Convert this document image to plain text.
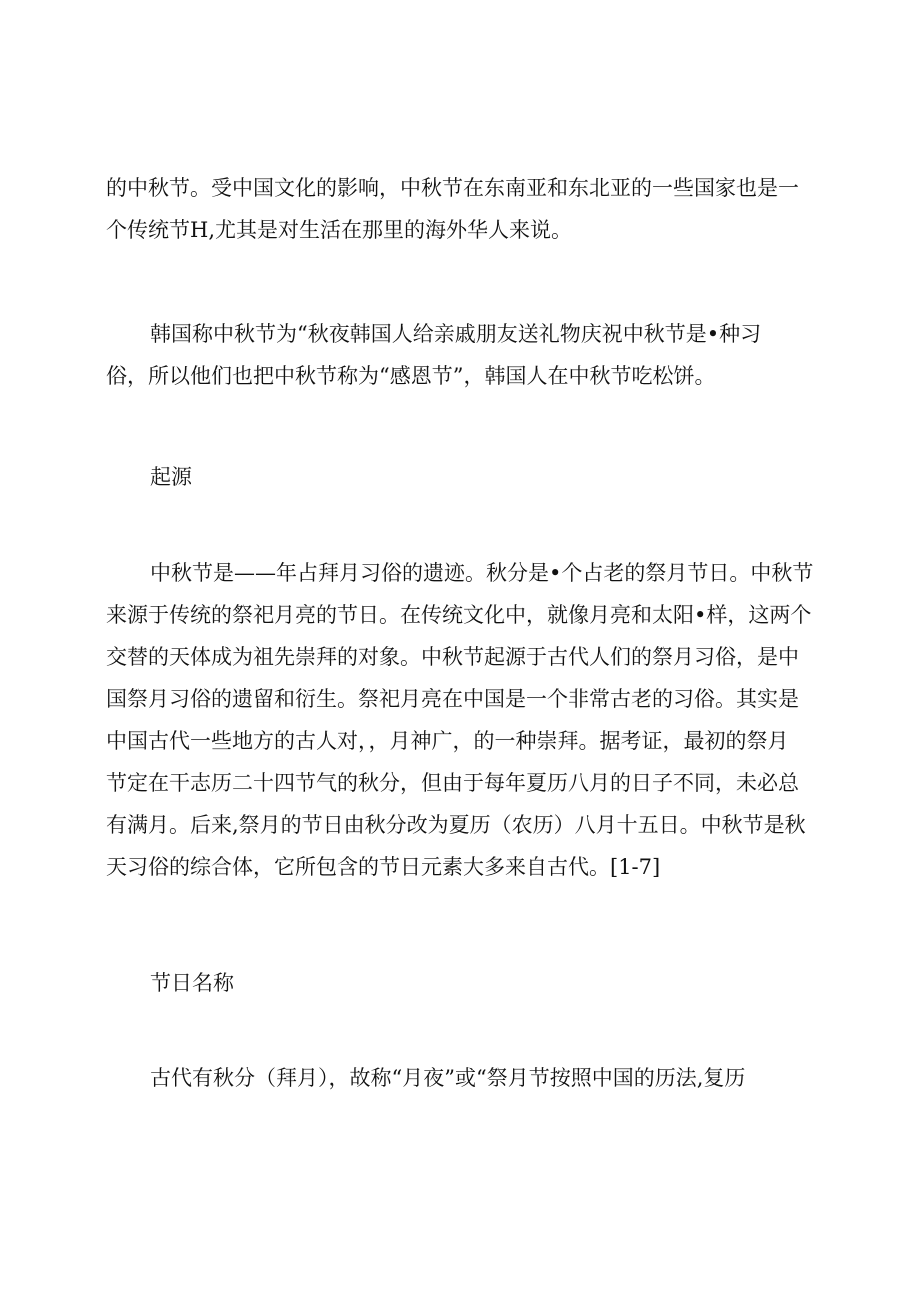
的中秋节。受中国文化的影响，中秋节在东南亚和东北亚的一些国家也是一
个传统节H,尤其是对生活在那里的海外华人来说。
韩国称中秋节为“秋夜韩国人给亲戚朋友送礼物庆祝中秋节是•种习
俗，所以他们也把中秋节称为“感恩节”，韩国人在中秋节吃松饼。
起源
中秋节是——年占拜月习俗的遗迹。秋分是•个占老的祭月节日。中秋节
来源于传统的祭祀月亮的节日。在传统文化中，就像月亮和太阳•样，这两个
交替的天体成为祖先崇拜的对象。中秋节起源于古代人们的祭月习俗，是中
国祭月习俗的遗留和衍生。祭祀月亮在中国是一个非常古老的习俗。其实是
中国古代一些地方的古人对，，月神广，的一种崇拜。据考证，最初的祭月
节定在干志历二十四节气的秋分，但由于每年夏历八月的日子不同，未必总
有满月。后来,祭月的节日由秋分改为夏历（农历）八月十五日。中秋节是秋
天习俗的综合体，它所包含的节日元素大多来自古代。[1-7]
节日名称
古代有秋分（拜月），故称“月夜”或“祭月节按照中国的历法,复历
